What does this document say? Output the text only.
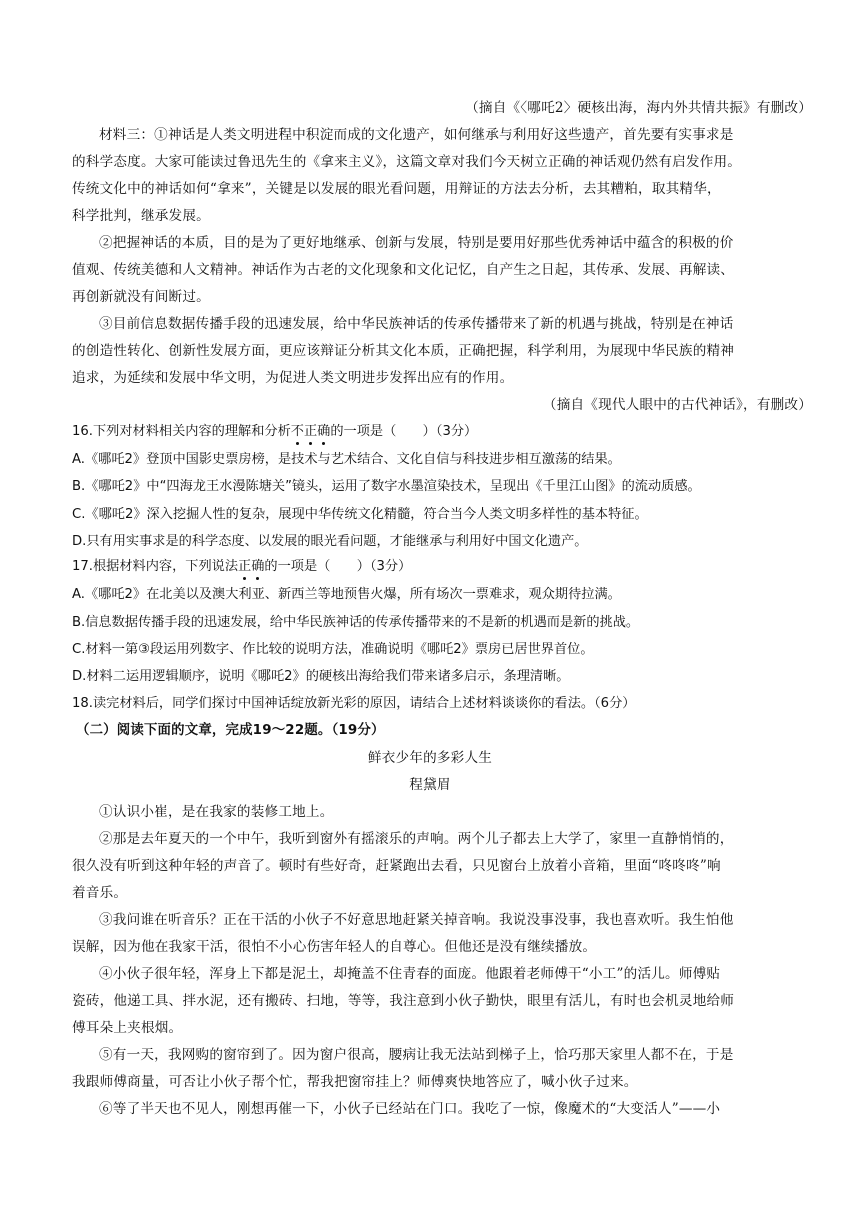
（摘自《〈哪吒2〉硬核出海，海内外共情共振》有删改）
材料三：①神话是人类文明进程中积淀而成的文化遗产，如何继承与利用好这些遗产，首先要有实事求是
的科学态度。大家可能读过鲁迅先生的《拿来主义》，这篇文章对我们今天树立正确的神话观仍然有启发作用。
传统文化中的神话如何“拿来”，关键是以发展的眼光看问题，用辩证的方法去分析，去其糟粕，取其精华，
科学批判，继承发展。
②把握神话的本质，目的是为了更好地继承、创新与发展，特别是要用好那些优秀神话中蕴含的积极的价
值观、传统美德和人文精神。神话作为古老的文化现象和文化记忆，自产生之日起，其传承、发展、再解读、
再创新就没有间断过。
③目前信息数据传播手段的迅速发展，给中华民族神话的传承传播带来了新的机遇与挑战，特别是在神话
的创造性转化、创新性发展方面，更应该辩证分析其文化本质，正确把握，科学利用，为展现中华民族的精神
追求，为延续和发展中华文明，为促进人类文明进步发挥出应有的作用。
（摘自《现代人眼中的古代神话》，有删改）
16.下列对材料相关内容的理解和分析不正确的一项是（　　）（3分）
A.《哪吒2》登顶中国影史票房榜，是技术与艺术结合、文化自信与科技进步相互激荡的结果。
B.《哪吒2》中“四海龙王水漫陈塘关”镜头，运用了数字水墨渲染技术，呈现出《千里江山图》的流动质感。
C.《哪吒2》深入挖掘人性的复杂，展现中华传统文化精髓，符合当今人类文明多样性的基本特征。
D.只有用实事求是的科学态度、以发展的眼光看问题，才能继承与利用好中国文化遗产。
17.根据材料内容，下列说法正确的一项是（　　）（3分）
A.《哪吒2》在北美以及澳大利亚、新西兰等地预售火爆，所有场次一票难求，观众期待拉满。
B.信息数据传播手段的迅速发展，给中华民族神话的传承传播带来的不是新的机遇而是新的挑战。
C.材料一第③段运用列数字、作比较的说明方法，准确说明《哪吒2》票房已居世界首位。
D.材料二运用逻辑顺序，说明《哪吒2》的硬核出海给我们带来诸多启示，条理清晰。
18.读完材料后，同学们探讨中国神话绽放新光彩的原因，请结合上述材料谈谈你的看法。（6分）
（二）阅读下面的文章，完成19～22题。（19分）
鲜衣少年的多彩人生
程黛眉
①认识小崔，是在我家的装修工地上。
②那是去年夏天的一个中午，我听到窗外有摇滚乐的声响。两个儿子都去上大学了，家里一直静悄悄的，
很久没有听到这种年轻的声音了。顿时有些好奇，赶紧跑出去看，只见窗台上放着小音箱，里面“咚咚咚”响
着音乐。
③我问谁在听音乐？正在干活的小伙子不好意思地赶紧关掉音响。我说没事没事，我也喜欢听。我生怕他
误解，因为他在我家干活，很怕不小心伤害年轻人的自尊心。但他还是没有继续播放。
④小伙子很年轻，浑身上下都是泥土，却掩盖不住青春的面庞。他跟着老师傅干“小工”的活儿。师傅贴
瓷砖，他递工具、拌水泥，还有搬砖、扫地，等等，我注意到小伙子勤快，眼里有活儿，有时也会机灵地给师
傅耳朵上夹根烟。
⑤有一天，我网购的窗帘到了。因为窗户很高，腰病让我无法站到梯子上，恰巧那天家里人都不在，于是
我跟师傅商量，可否让小伙子帮个忙，帮我把窗帘挂上？师傅爽快地答应了，喊小伙子过来。
⑥等了半天也不见人，刚想再催一下，小伙子已经站在门口。我吃了一惊，像魔术的“大变活人”——小
